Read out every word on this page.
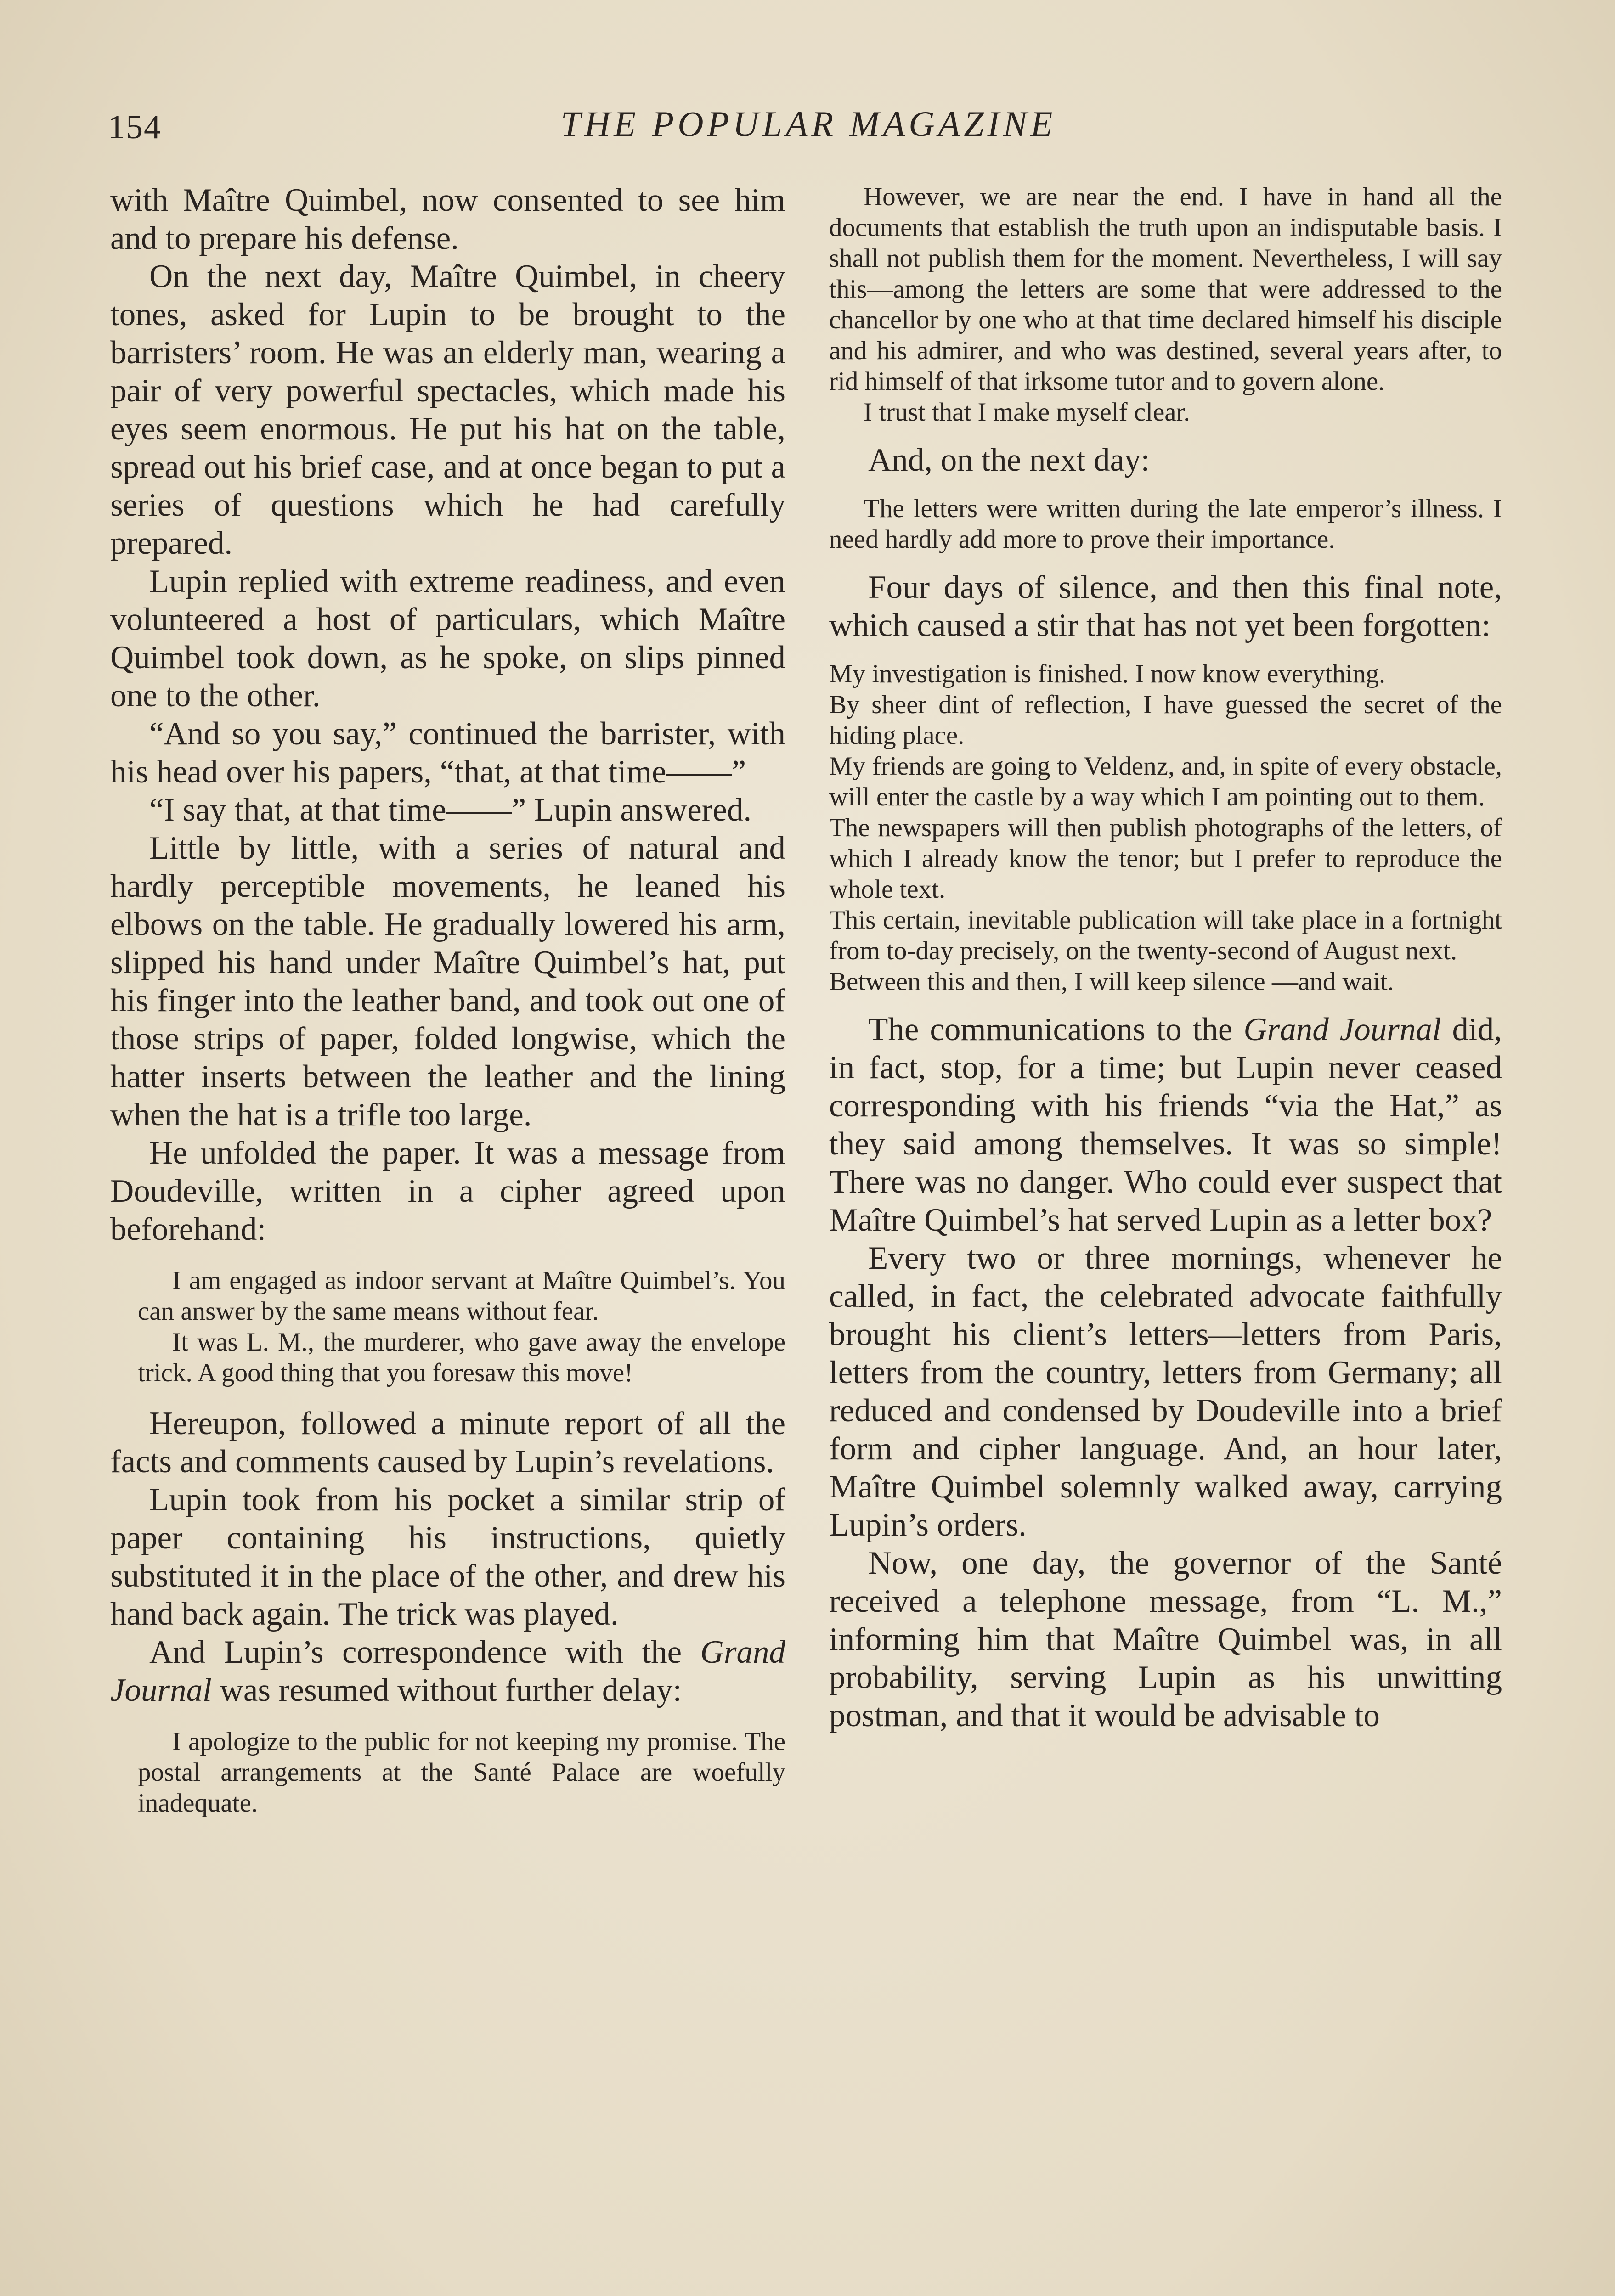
154	THE POPULAR MAGAZINE

with Maître Quimbel, now consented to see him and to prepare his defense.

On the next day, Maître Quimbel, in cheery tones, asked for Lupin to be brought to the barristers’ room. He was an elderly man, wearing a pair of very powerful spectacles, which made his eyes seem enormous. He put his hat on the table, spread out his brief case, and at once began to put a series of questions which he had carefully prepared.

Lupin replied with extreme readiness, and even volunteered a host of particulars, which Maître Quimbel took down, as he spoke, on slips pinned one to the other.

“And so you say,” continued the barrister, with his head over his papers, “that, at that time——”

“I say that, at that time——” Lupin answered.

Little by little, with a series of natural and hardly perceptible movements, he leaned his elbows on the table. He gradually lowered his arm, slipped his hand under Maître Quimbel’s hat, put his finger into the leather band, and took out one of those strips of paper, folded longwise, which the hatter inserts between the leather and the lining when the hat is a trifle too large.

He unfolded the paper. It was a message from Doudeville, written in a cipher agreed upon beforehand:

I am engaged as indoor servant at Maître Quimbel’s. You can answer by the same means without fear.

It was L. M., the murderer, who gave away the envelope trick. A good thing that you foresaw this move!

Hereupon, followed a minute report of all the facts and comments caused by Lupin’s revelations.

Lupin took from his pocket a similar strip of paper containing his instructions, quietly substituted it in the place of the other, and drew his hand back again. The trick was played.

And Lupin’s correspondence with the Grand Journal was resumed without further delay:

I apologize to the public for not keeping my promise. The postal arrangements at the Santé Palace are woefully inadequate.

However, we are near the end. I have in hand all the documents that establish the truth upon an indisputable basis. I shall not publish them for the moment. Nevertheless, I will say this—among the letters are some that were addressed to the chancellor by one who at that time declared himself his disciple and his admirer, and who was destined, several years after, to rid himself of that irksome tutor and to govern alone.

I trust that I make myself clear.

And, on the next day:

The letters were written during the late emperor’s illness. I need hardly add more to prove their importance.

Four days of silence, and then this final note, which caused a stir that has not yet been forgotten:

My investigation is finished. I now know everything.

By sheer dint of reflection, I have guessed the secret of the hiding place.

My friends are going to Veldenz, and, in spite of every obstacle, will enter the castle by a way which I am pointing out to them.

The newspapers will then publish photographs of the letters, of which I already know the tenor; but I prefer to reproduce the whole text.

This certain, inevitable publication will take place in a fortnight from to-day precisely, on the twenty-second of August next.

Between this and then, I will keep silence —and wait.

The communications to the Grand Journal did, in fact, stop, for a time; but Lupin never ceased corresponding with his friends “via the Hat,” as they said among themselves. It was so simple! There was no danger. Who could ever suspect that Maître Quimbel’s hat served Lupin as a letter box?

Every two or three mornings, whenever he called, in fact, the celebrated advocate faithfully brought his client’s letters—letters from Paris, letters from the country, letters from Germany; all reduced and condensed by Doudeville into a brief form and cipher language. And, an hour later, Maître Quimbel solemnly walked away, carrying Lupin’s orders.

Now, one day, the governor of the Santé received a telephone message, from “L. M.,” informing him that Maître Quimbel was, in all probability, serving Lupin as his unwitting postman, and that it would be advisable to
